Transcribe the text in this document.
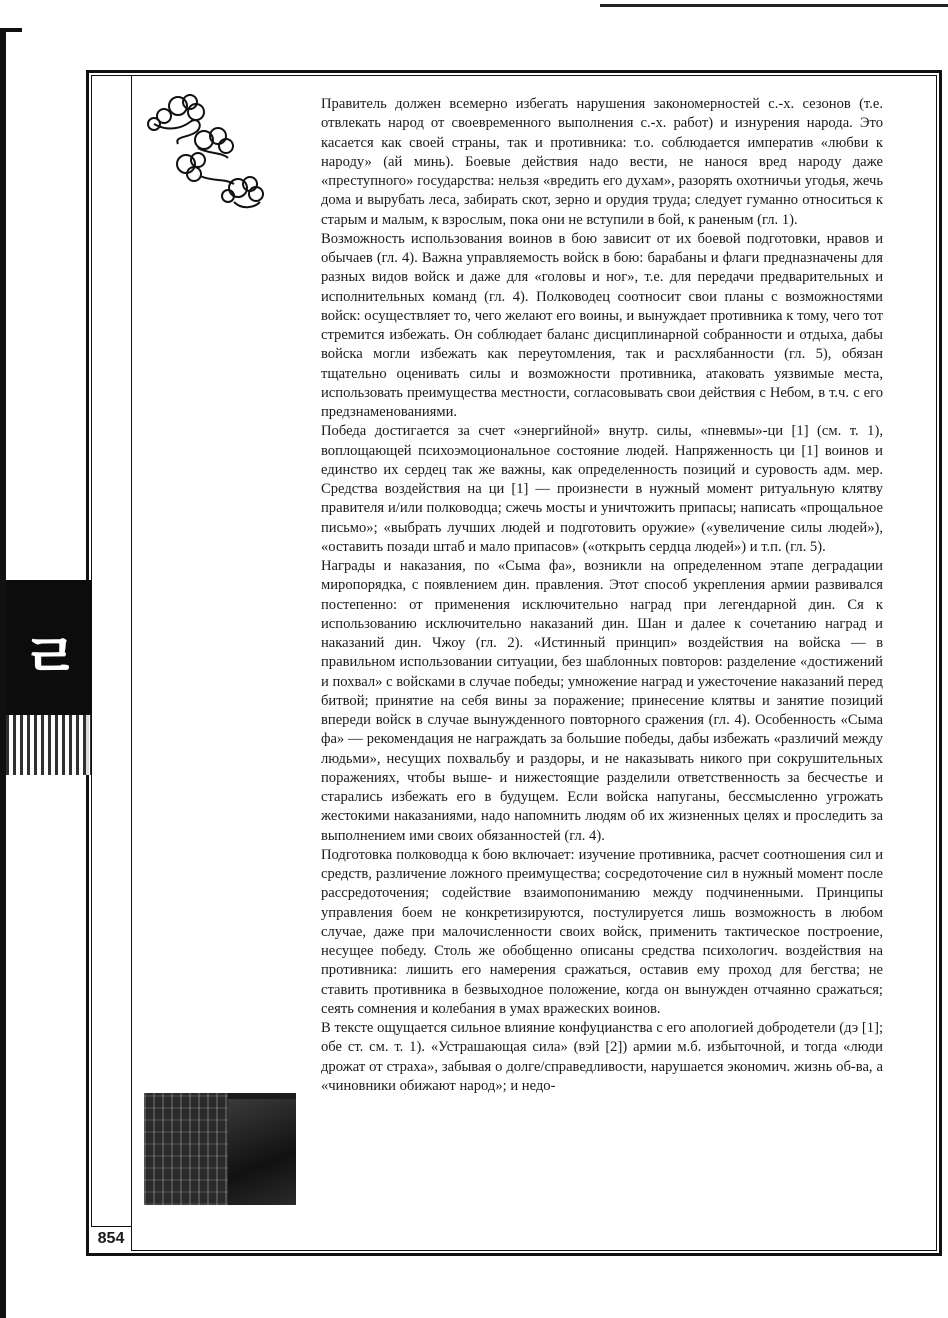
ㄹ
854

Правитель должен всемерно избегать нарушения закономерностей с.-х. сезонов (т.е. отвлекать народ от своевременного выполнения с.-х. работ) и изнурения народа. Это касается как своей страны, так и противника: т.о. соблюдается императив «любви к народу» (ай минь). Боевые действия надо вести, не нанося вред народу даже «преступного» государства: нельзя «вредить его духам», разорять охотничьи угодья, жечь дома и вырубать леса, забирать скот, зерно и орудия труда; следует гуманно относиться к старым и малым, к взрослым, пока они не вступили в бой, к раненым (гл. 1).

Возможность использования воинов в бою зависит от их боевой подготовки, нравов и обычаев (гл. 4). Важна управляемость войск в бою: барабаны и флаги предназначены для разных видов войск и даже для «головы и ног», т.е. для передачи предварительных и исполнительных команд (гл. 4). Полководец соотносит свои планы с возможностями войск: осуществляет то, чего желают его воины, и вынуждает противника к тому, чего тот стремится избежать. Он соблюдает баланс дисциплинарной собранности и отдыха, дабы войска могли избежать как переутомления, так и расхлябанности (гл. 5), обязан тщательно оценивать силы и возможности противника, атаковать уязвимые места, использовать преимущества местности, согласовывать свои действия с Небом, в т.ч. с его предзнаменованиями.

Победа достигается за счет «энергийной» внутр. силы, «пневмы»-ци [1] (см. т. 1), воплощающей психоэмоциональное состояние людей. Напряженность ци [1] воинов и единство их сердец так же важны, как определенность позиций и суровость адм. мер. Средства воздействия на ци [1] — произнести в нужный момент ритуальную клятву правителя и/или полководца; сжечь мосты и уничтожить припасы; написать «прощальное письмо»; «выбрать лучших людей и подготовить оружие» («увеличение силы людей»), «оставить позади штаб и мало припасов» («открыть сердца людей») и т.п. (гл. 5).

Награды и наказания, по «Сыма фа», возникли на определенном этапе деградации миропорядка, с появлением дин. правления. Этот способ укрепления армии развивался постепенно: от применения исключительно наград при легендарной дин. Ся к использованию исключительно наказаний дин. Шан и далее к сочетанию наград и наказаний дин. Чжоу (гл. 2). «Истинный принцип» воздействия на войска — в правильном использовании ситуации, без шаблонных повторов: разделение «достижений и похвал» с войсками в случае победы; умножение наград и ужесточение наказаний перед битвой; принятие на себя вины за поражение; принесение клятвы и занятие позиций впереди войск в случае вынужденного повторного сражения (гл. 4). Особенность «Сыма фа» — рекомендация не награждать за большие победы, дабы избежать «различий между людьми», несущих похвальбу и раздоры, и не наказывать никого при сокрушительных поражениях, чтобы выше- и нижестоящие разделили ответственность за бесчестье и старались избежать его в будущем. Если войска напуганы, бессмысленно угрожать жестокими наказаниями, надо напомнить людям об их жизненных целях и проследить за выполнением ими своих обязанностей (гл. 4).

Подготовка полководца к бою включает: изучение противника, расчет соотношения сил и средств, различение ложного преимущества; сосредоточение сил в нужный момент после рассредоточения; содействие взаимопониманию между подчиненными. Принципы управления боем не конкретизируются, постулируется лишь возможность в любом случае, даже при малочисленности своих войск, применить тактическое построение, несущее победу. Столь же обобщенно описаны средства психологич. воздействия на противника: лишить его намерения сражаться, оставив ему проход для бегства; не ставить противника в безвыходное положение, когда он вынужден отчаянно сражаться; сеять сомнения и колебания в умах вражеских воинов.

В тексте ощущается сильное влияние конфуцианства с его апологией добродетели (дэ [1]; обе ст. см. т. 1). «Устрашающая сила» (вэй [2]) армии м.б. избыточной, и тогда «люди дрожат от страха», забывая о долге/справедливости, нарушается экономич. жизнь об-ва, а «чиновники обижают народ»; и недо-
